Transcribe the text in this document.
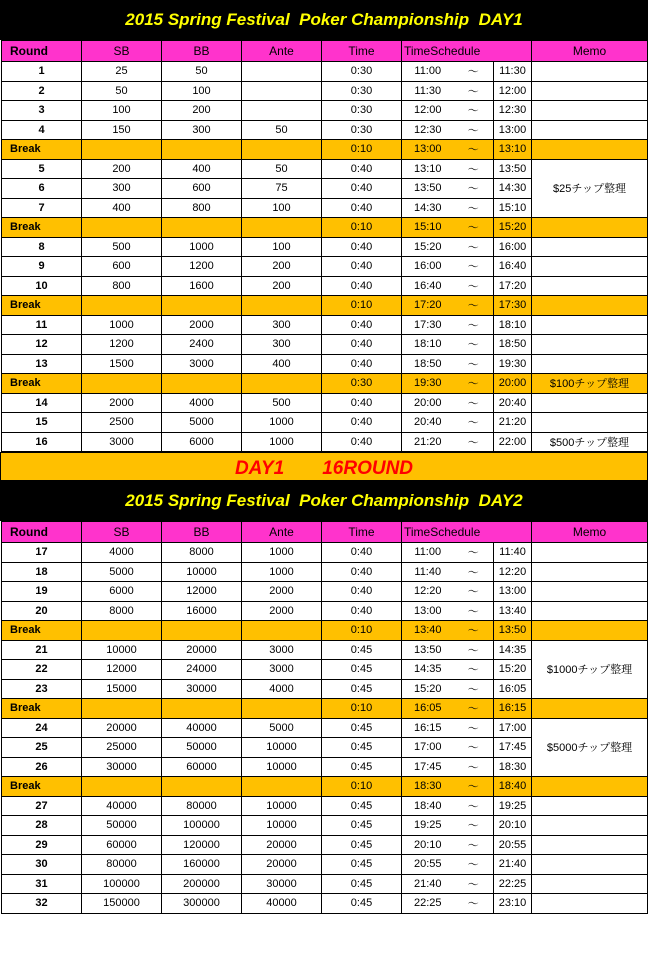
2015 Spring Festival  Poker Championship  DAY1
Round	SB	BB	Ante	Time	TimeSchedule			Memo
1	25	50		0:30	11:00	～	11:30	
2	50	100		0:30	11:30	～	12:00	
3	100	200		0:30	12:00	～	12:30	
4	150	300	50	0:30	12:30	～	13:00	
Break				0:10	13:00	～	13:10	
5	200	400	50	0:40	13:10	～	13:50	$25チップ整理
6	300	600	75	0:40	13:50	～	14:30	
7	400	800	100	0:40	14:30	～	15:10	
Break				0:10	15:10	～	15:20	
8	500	1000	100	0:40	15:20	～	16:00	
9	600	1200	200	0:40	16:00	～	16:40	
10	800	1600	200	0:40	16:40	～	17:20	
Break				0:10	17:20	～	17:30	
11	1000	2000	300	0:40	17:30	～	18:10	
12	1200	2400	300	0:40	18:10	～	18:50	
13	1500	3000	400	0:40	18:50	～	19:30	
Break				0:30	19:30	～	20:00	$100チップ整理
14	2000	4000	500	0:40	20:00	～	20:40	
15	2500	5000	1000	0:40	20:40	～	21:20	
16	3000	6000	1000	0:40	21:20	～	22:00	$500チップ整理
DAY1　　16ROUND
2015 Spring Festival  Poker Championship  DAY2
Round	SB	BB	Ante	Time	TimeSchedule			Memo
17	4000	8000	1000	0:40	11:00	～	11:40	
18	5000	10000	1000	0:40	11:40	～	12:20	
19	6000	12000	2000	0:40	12:20	～	13:00	
20	8000	16000	2000	0:40	13:00	～	13:40	
Break				0:10	13:40	～	13:50	
21	10000	20000	3000	0:45	13:50	～	14:35	$1000チップ整理
22	12000	24000	3000	0:45	14:35	～	15:20	
23	15000	30000	4000	0:45	15:20	～	16:05	
Break				0:10	16:05	～	16:15	
24	20000	40000	5000	0:45	16:15	～	17:00	$5000チップ整理
25	25000	50000	10000	0:45	17:00	～	17:45	
26	30000	60000	10000	0:45	17:45	～	18:30	
Break				0:10	18:30	～	18:40	
27	40000	80000	10000	0:45	18:40	～	19:25	
28	50000	100000	10000	0:45	19:25	～	20:10	
29	60000	120000	20000	0:45	20:10	～	20:55	
30	80000	160000	20000	0:45	20:55	～	21:40	
31	100000	200000	30000	0:45	21:40	～	22:25	
32	150000	300000	40000	0:45	22:25	～	23:10	
